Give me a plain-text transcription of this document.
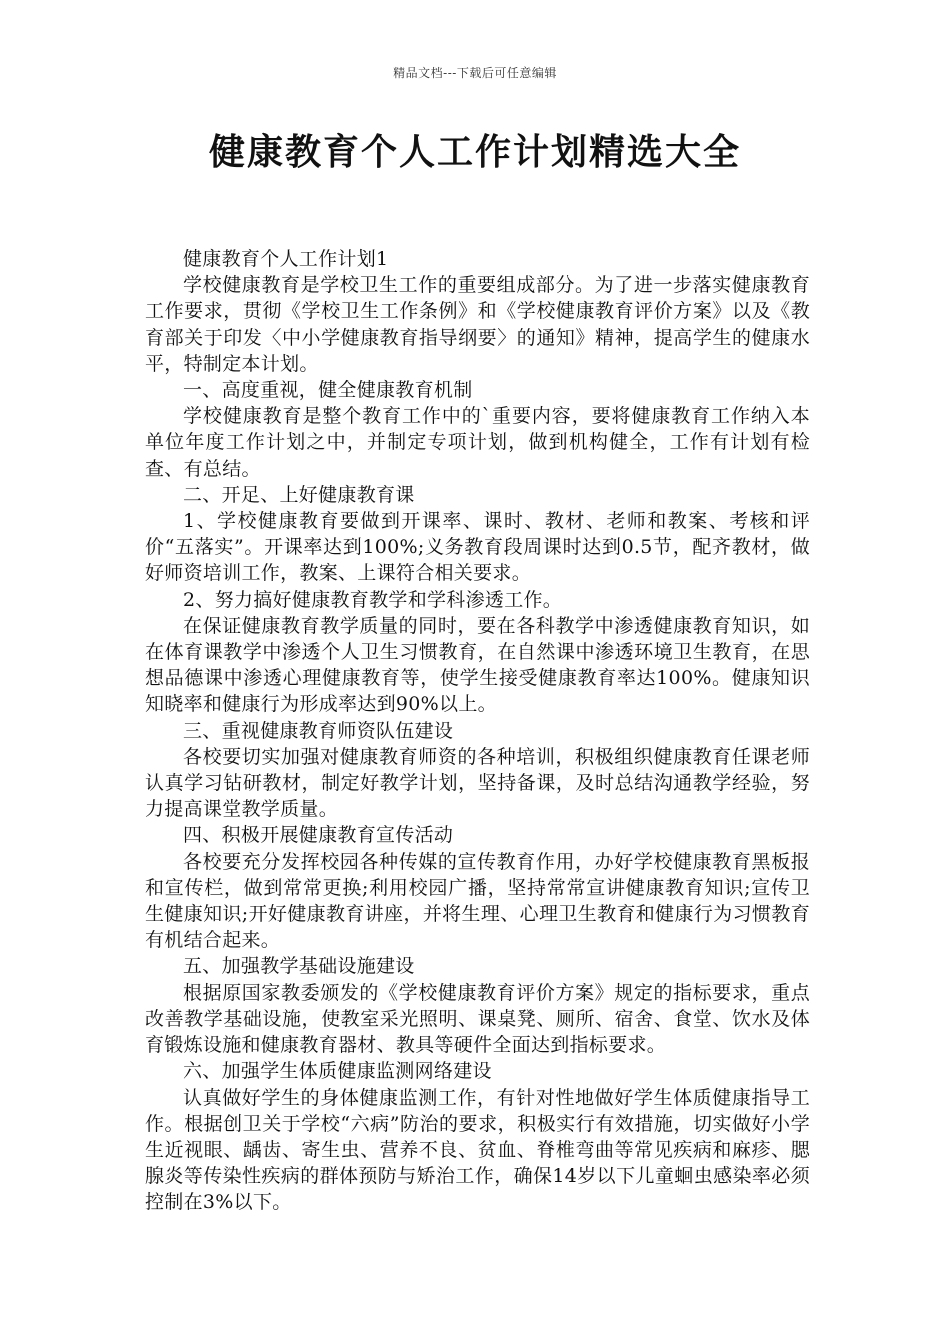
精品文档---下载后可任意编辑
健康教育个人工作计划精选大全

健康教育个人工作计划1

学校健康教育是学校卫生工作的重要组成部分。为了进一步落实健康教育工作要求，贯彻《学校卫生工作条例》和《学校健康教育评价方案》以及《教育部关于印发〈中小学健康教育指导纲要〉的通知》精神，提高学生的健康水平，特制定本计划。

一、高度重视，健全健康教育机制

学校健康教育是整个教育工作中的`重要内容，要将健康教育工作纳入本单位年度工作计划之中，并制定专项计划，做到机构健全，工作有计划有检查、有总结。

二、开足、上好健康教育课

1、学校健康教育要做到开课率、课时、教材、老师和教案、考核和评价“五落实”。开课率达到100%;义务教育段周课时达到0.5节，配齐教材，做好师资培训工作，教案、上课符合相关要求。

2、努力搞好健康教育教学和学科渗透工作。

在保证健康教育教学质量的同时，要在各科教学中渗透健康教育知识，如在体育课教学中渗透个人卫生习惯教育，在自然课中渗透环境卫生教育，在思想品德课中渗透心理健康教育等，使学生接受健康教育率达100%。健康知识知晓率和健康行为形成率达到90%以上。

三、重视健康教育师资队伍建设

各校要切实加强对健康教育师资的各种培训，积极组织健康教育任课老师认真学习钻研教材，制定好教学计划，坚持备课，及时总结沟通教学经验，努力提高课堂教学质量。

四、积极开展健康教育宣传活动

各校要充分发挥校园各种传媒的宣传教育作用，办好学校健康教育黑板报和宣传栏，做到常常更换;利用校园广播，坚持常常宣讲健康教育知识;宣传卫生健康知识;开好健康教育讲座，并将生理、心理卫生教育和健康行为习惯教育有机结合起来。

五、加强教学基础设施建设

根据原国家教委颁发的《学校健康教育评价方案》规定的指标要求，重点改善教学基础设施，使教室采光照明、课桌凳、厕所、宿舍、食堂、饮水及体育锻炼设施和健康教育器材、教具等硬件全面达到指标要求。

六、加强学生体质健康监测网络建设

认真做好学生的身体健康监测工作，有针对性地做好学生体质健康指导工作。根据创卫关于学校“六病”防治的要求，积极实行有效措施，切实做好小学生近视眼、龋齿、寄生虫、营养不良、贫血、脊椎弯曲等常见疾病和麻疹、腮腺炎等传染性疾病的群体预防与矫治工作，确保14岁以下儿童蛔虫感染率必须控制在3%以下。
